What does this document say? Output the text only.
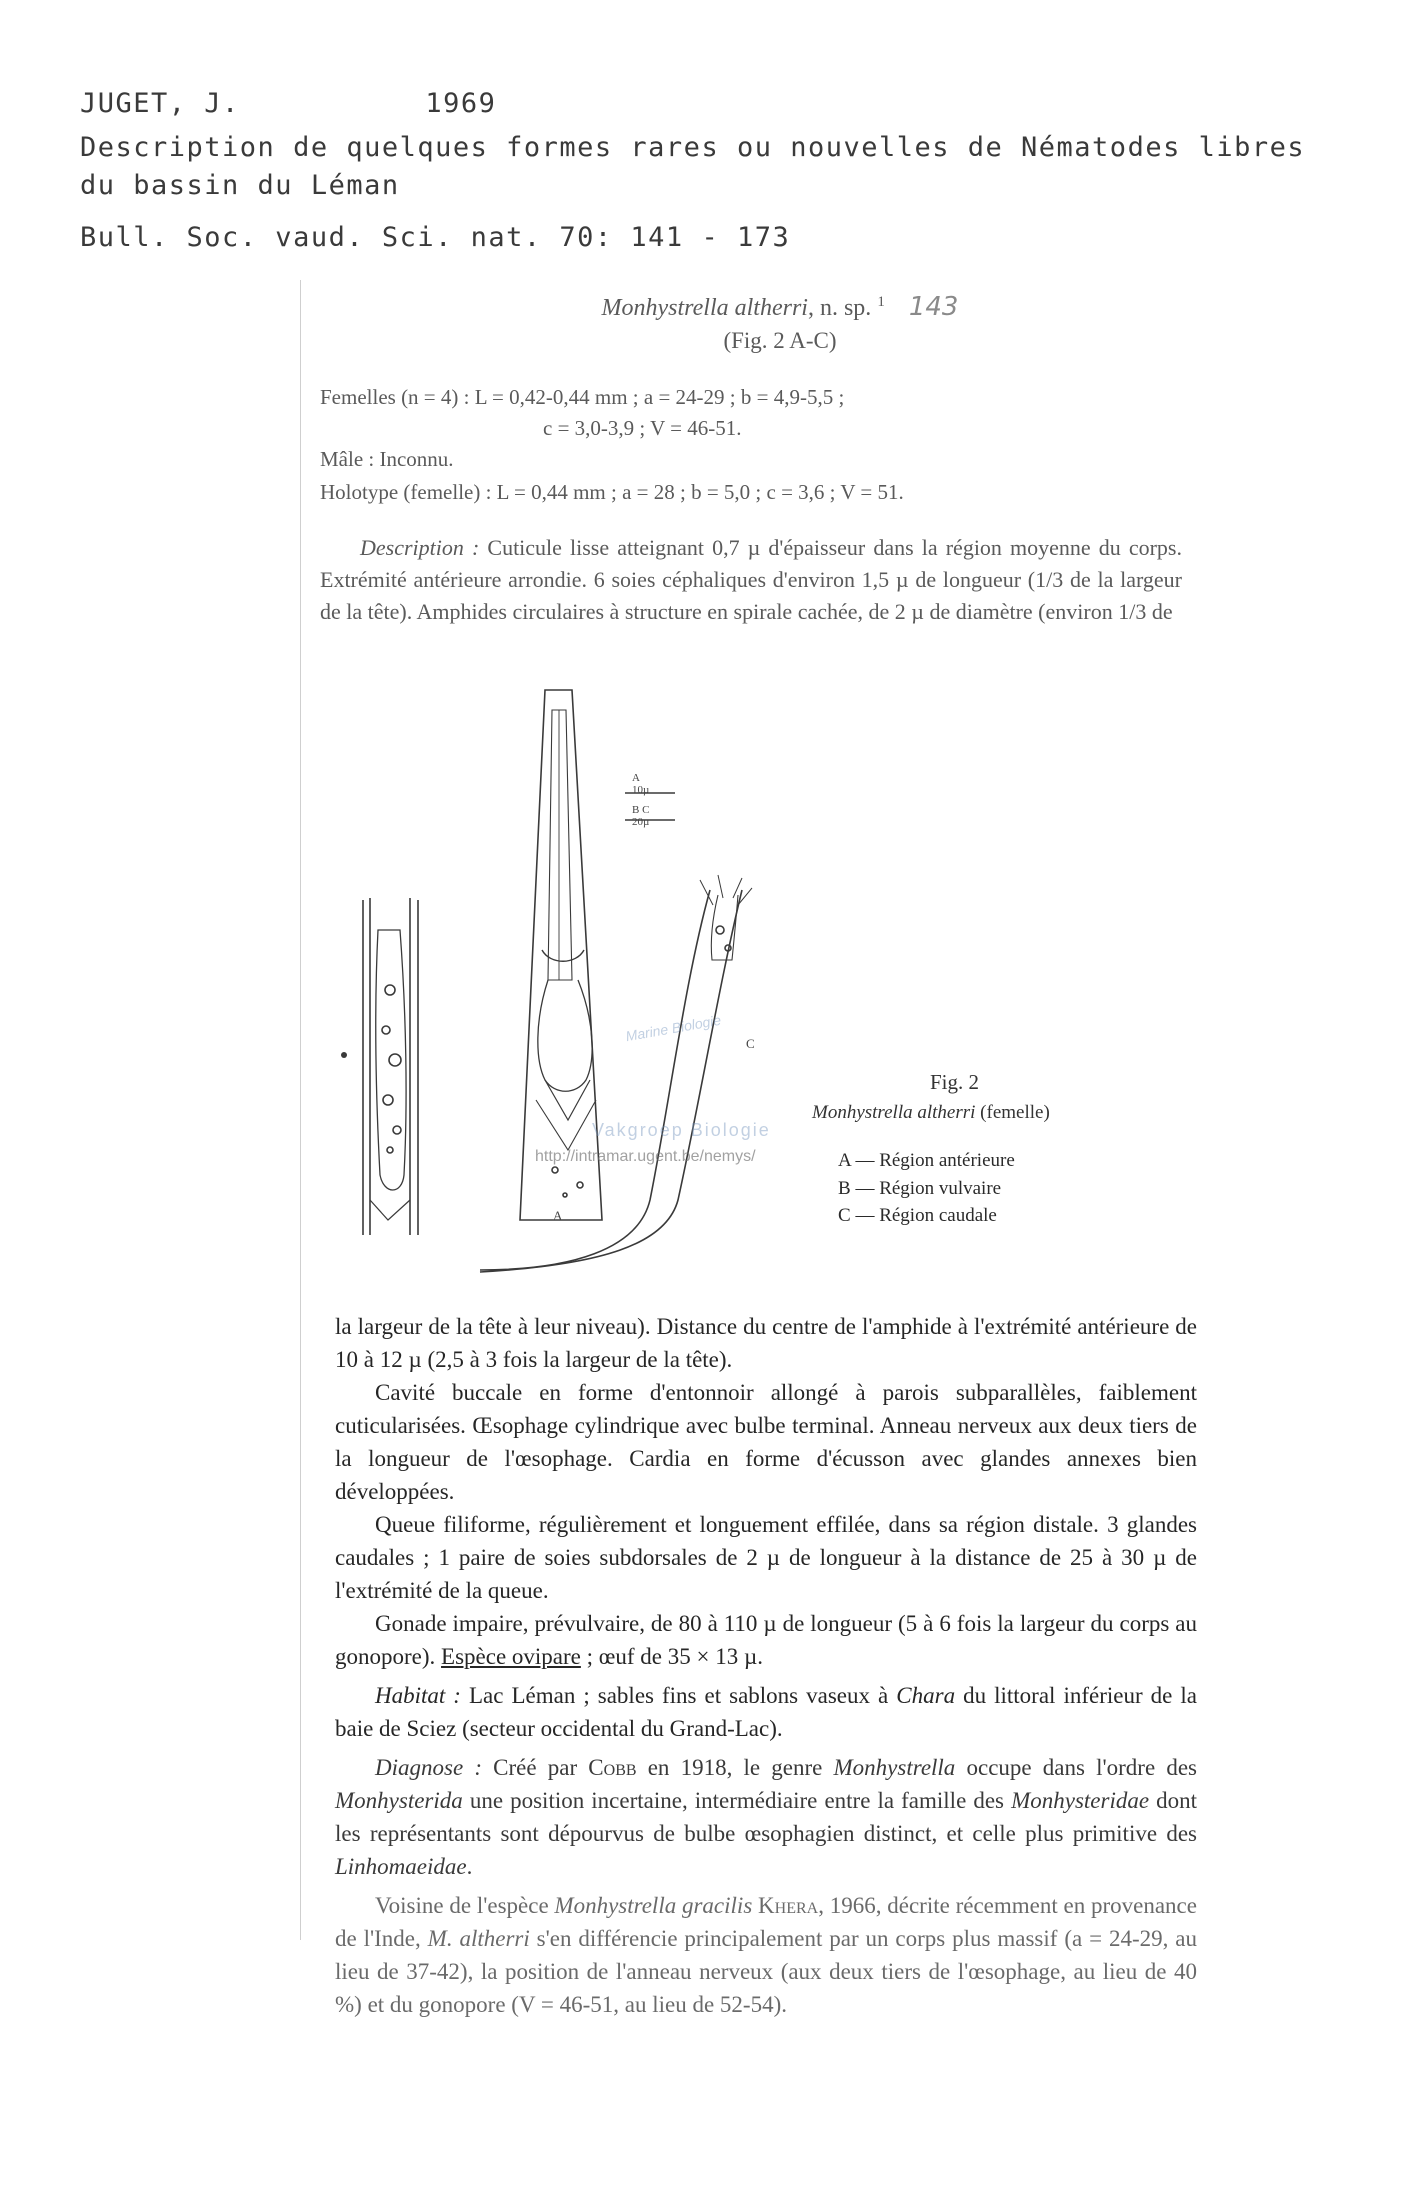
JUGET, J.	1969
Description de quelques formes rares ou nouvelles de Nématodes libres
du bassin du Léman
Bull. Soc. vaud. Sci. nat. 70: 141 - 173
Monhystrella altherri, n. sp. $^1$ 143
(Fig. 2 A-C)
Femelles (n = 4) : L = 0,42-0,44 mm ; a = 24-29 ; b = 4,9-5,5 ;
c = 3,0-3,9 ; V = 46-51.
Mâle : Inconnu.
Holotype (femelle) : L = 0,44 mm ; a = 28 ; b = 5,0 ; c = 3,6 ; V = 51.

Description : Cuticule lisse atteignant 0,7 µ d'épaisseur dans la région moyenne du corps. Extrémité antérieure arrondie. 6 soies céphaliques d'environ 1,5 µ de longueur (1/3 de la largeur de la tête). Amphides circulaires à structure en spirale cachée, de 2 µ de diamètre (environ 1/3 de

A
10µ
B C
20µ
A
C
Marine Biologie
Vakgroep Biologie
http://intramar.ugent.be/nemys/
Fig. 2
Monhystrella altherri (femelle)
A — Région antérieure
B — Région vulvaire
C — Région caudale

la largeur de la tête à leur niveau). Distance du centre de l'amphide à l'extrémité antérieure de 10 à 12 µ (2,5 à 3 fois la largeur de la tête).

Cavité buccale en forme d'entonnoir allongé à parois subparallèles, faiblement cuticularisées. Œsophage cylindrique avec bulbe terminal. Anneau nerveux aux deux tiers de la longueur de l'œsophage. Cardia en forme d'écusson avec glandes annexes bien développées.

Queue filiforme, régulièrement et longuement effilée, dans sa région distale. 3 glandes caudales ; 1 paire de soies subdorsales de 2 µ de longueur à la distance de 25 à 30 µ de l'extrémité de la queue.

Gonade impaire, prévulvaire, de 80 à 110 µ de longueur (5 à 6 fois la largeur du corps au gonopore). Espèce ovipare ; œuf de 35 × 13 µ.

Habitat : Lac Léman ; sables fins et sablons vaseux à Chara du littoral inférieur de la baie de Sciez (secteur occidental du Grand-Lac).

Diagnose : Créé par Cobb en 1918, le genre Monhystrella occupe dans l'ordre des Monhysterida une position incertaine, intermédiaire entre la famille des Monhysteridae dont les représentants sont dépourvus de bulbe œsophagien distinct, et celle plus primitive des Linhomaeidae.

Voisine de l'espèce Monhystrella gracilis Khera, 1966, décrite récemment en provenance de l'Inde, M. altherri s'en différencie principalement par un corps plus massif (a = 24-29, au lieu de 37-42), la position de l'anneau nerveux (aux deux tiers de l'œsophage, au lieu de 40 %) et du gonopore (V = 46-51, au lieu de 52-54).
